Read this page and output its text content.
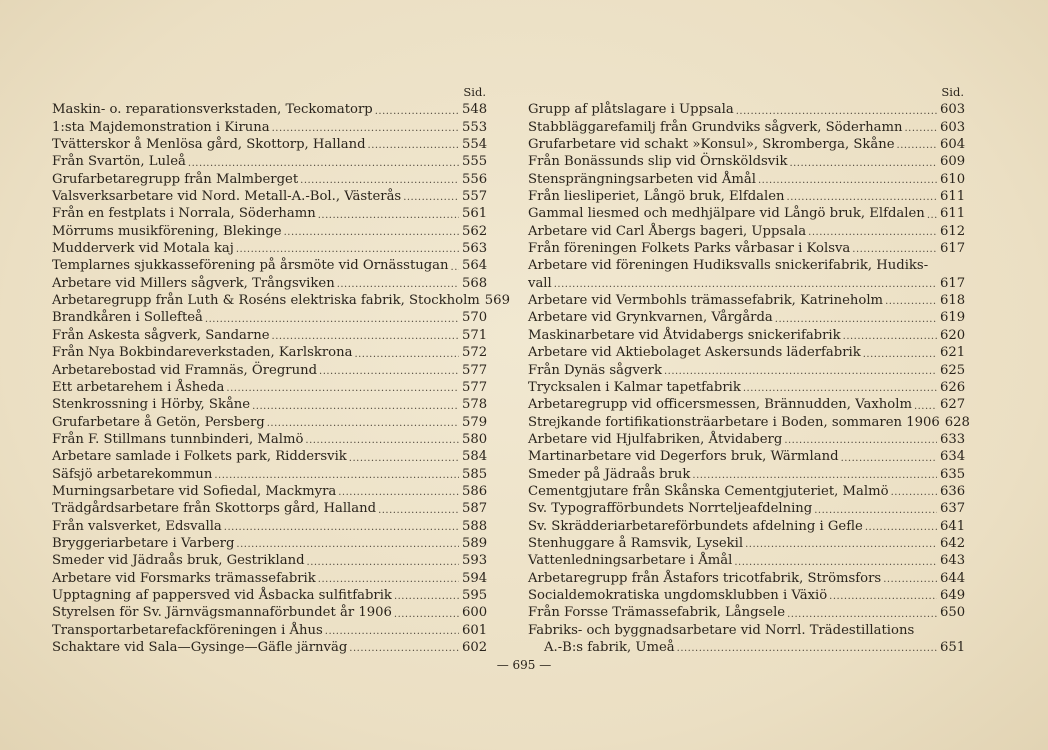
Sid.
Maskin- o. reparationsverkstaden, Teckomatorp .....	548
1:sta Majdemonstration i Kiruna .....	553
Tvätterskor å Menlösa gård, Skottorp, Halland .....	554
Från Svartön, Luleå .....	555
Grufarbetaregrupp från Malmberget .....	556
Valsverksarbetare vid Nord. Metall-A.-Bol., Västerås .....	557
Från en festplats i Norrala, Söderhamn .....	561
Mörrums musikförening, Blekinge .....	562
Mudderverk vid Motala kaj .....	563
Templarnes sjukkasseförening på årsmöte vid Ornässtugan ..... 564
Arbetare vid Millers sågverk, Trångsviken .....	568
Arbetaregrupp från Luth & Roséns elektriska fabrik, Stockholm 569
Brandkåren i Sollefteå .....	570
Från Askesta sågverk, Sandarne .....	571
Från Nya Bokbindareverkstaden, Karlskrona .....	572
Arbetarebostad vid Framnäs, Öregrund .....	577
Ett arbetarehem i Åsheda .....	577
Stenkrossning i Hörby, Skåne .....	578
Grufarbetare å Getön, Persberg .....	579
Från F. Stillmans tunnbinderi, Malmö .....	580
Arbetare samlade i Folkets park, Riddersvik .....	584
Säfsjö arbetarekommun .....	585
Murningsarbetare vid Sofiedal, Mackmyra .....	586
Trädgårdsarbetare från Skottorps gård, Halland .....	587
Från valsverket, Edsvalla .....	588
Bryggeriarbetare i Varberg .....	589
Smeder vid Jädraås bruk, Gestrikland .....	593
Arbetare vid Forsmarks trämassefabrik .....	594
Upptagning af pappersved vid Åsbacka sulfitfabrik .....	595
Styrelsen för Sv. Järnvägsmannaförbundet år 1906 .....	600
Transportarbetarefackföreningen i Åhus .....	601
Schaktare vid Sala—Gysinge—Gäfle järnväg .....	602
Sid.
Grupp af plåtslagare i Uppsala .....	603
Stabbläggarefamilj från Grundviks sågverk, Söderhamn .....	603
Grufarbetare vid schakt »Konsul», Skromberga, Skåne .....	604
Från Bonässunds slip vid Örnsköldsvik .....	609
Stensprängningsarbeten vid Åmål .....	610
Från liesliperiet, Långö bruk, Elfdalen .....	611
Gammal liesmed och medhjälpare vid Långö bruk, Elfdalen ..... 611
Arbetare vid Carl Åbergs bageri, Uppsala .....	612
Från föreningen Folkets Parks vårbasar i Kolsva .....	617
Arbetare vid föreningen Hudiksvalls snickerifabrik, Hudiks-
vall .....	617
Arbetare vid Vermbohls trämassefabrik, Katrineholm .....	618
Arbetare vid Grynkvarnen, Vårgårda .....	619
Maskinarbetare vid Åtvidabergs snickerifabrik .....	620
Arbetare vid Aktiebolaget Askersunds läderfabrik .....	621
Från Dynäs sågverk .....	625
Trycksalen i Kalmar tapetfabrik .....	626
Arbetaregrupp vid officersmessen, Brännudden, Vaxholm ..... 627
Strejkande fortifikationsträarbetare i Boden, sommaren 1906 628
Arbetare vid Hjulfabriken, Åtvidaberg .....	633
Martinarbetare vid Degerfors bruk, Wärmland .....	634
Smeder på Jädraås bruk .....	635
Cementgjutare från Skånska Cementgjuteriet, Malmö .....	636
Sv. Typografförbundets Norrteljeafdelning .....	637
Sv. Skrädderiarbetareförbundets afdelning i Gefle .....	641
Stenhuggare å Ramsvik, Lysekil .....	642
Vattenledningsarbetare i Åmål .....	643
Arbetaregrupp från Åstafors tricotfabrik, Strömsfors .....	644
Socialdemokratiska ungdomsklubben i Växiö .....	649
Från Forsse Trämassefabrik, Långsele .....	650
Fabriks- och byggnadsarbetare vid Norrl. Trädestillations
A.-B:s fabrik, Umeå .....	651
— 695 —
